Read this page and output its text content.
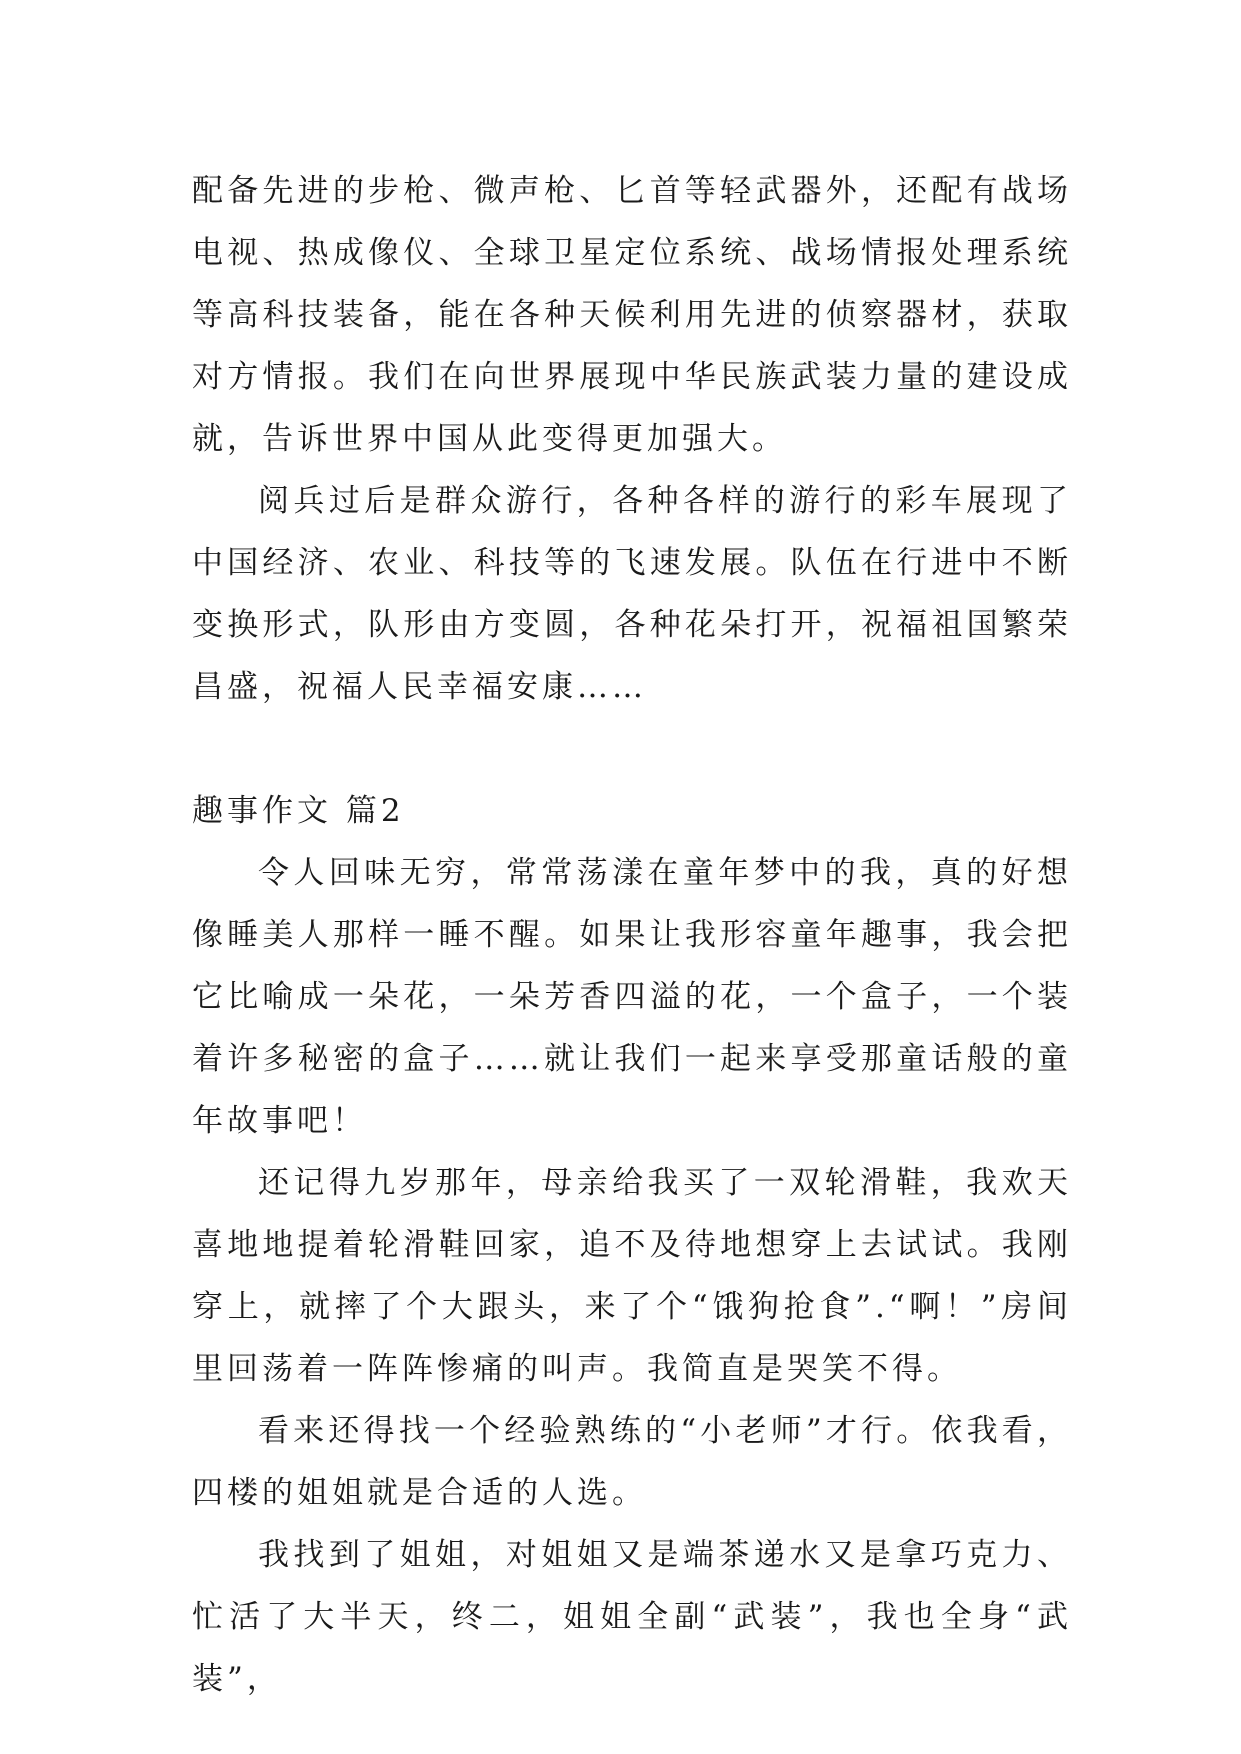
配备先进的步枪、微声枪、匕首等轻武器外，还配有战场电视、热成像仪、全球卫星定位系统、战场情报处理系统等高科技装备，能在各种天候利用先进的侦察器材，获取对方情报。我们在向世界展现中华民族武装力量的建设成就，告诉世界中国从此变得更加强大。

阅兵过后是群众游行，各种各样的游行的彩车展现了中国经济、农业、科技等的飞速发展。队伍在行进中不断变换形式，队形由方变圆，各种花朵打开，祝福祖国繁荣昌盛，祝福人民幸福安康……

趣事作文 篇2

令人回味无穷，常常荡漾在童年梦中的我，真的好想像睡美人那样一睡不醒。如果让我形容童年趣事，我会把它比喻成一朵花，一朵芳香四溢的花，一个盒子，一个装着许多秘密的盒子……就让我们一起来享受那童话般的童年故事吧！

还记得九岁那年，母亲给我买了一双轮滑鞋，我欢天喜地地提着轮滑鞋回家，追不及待地想穿上去试试。我刚穿上，就摔了个大跟头，来了个“饿狗抢食”.“啊！”房间里回荡着一阵阵惨痛的叫声。我简直是哭笑不得。

看来还得找一个经验熟练的“小老师”才行。依我看，四楼的姐姐就是合适的人选。

我找到了姐姐，对姐姐又是端茶递水又是拿巧克力、忙活了大半天，终二，姐姐全副“武装”，我也全身“武装”，
